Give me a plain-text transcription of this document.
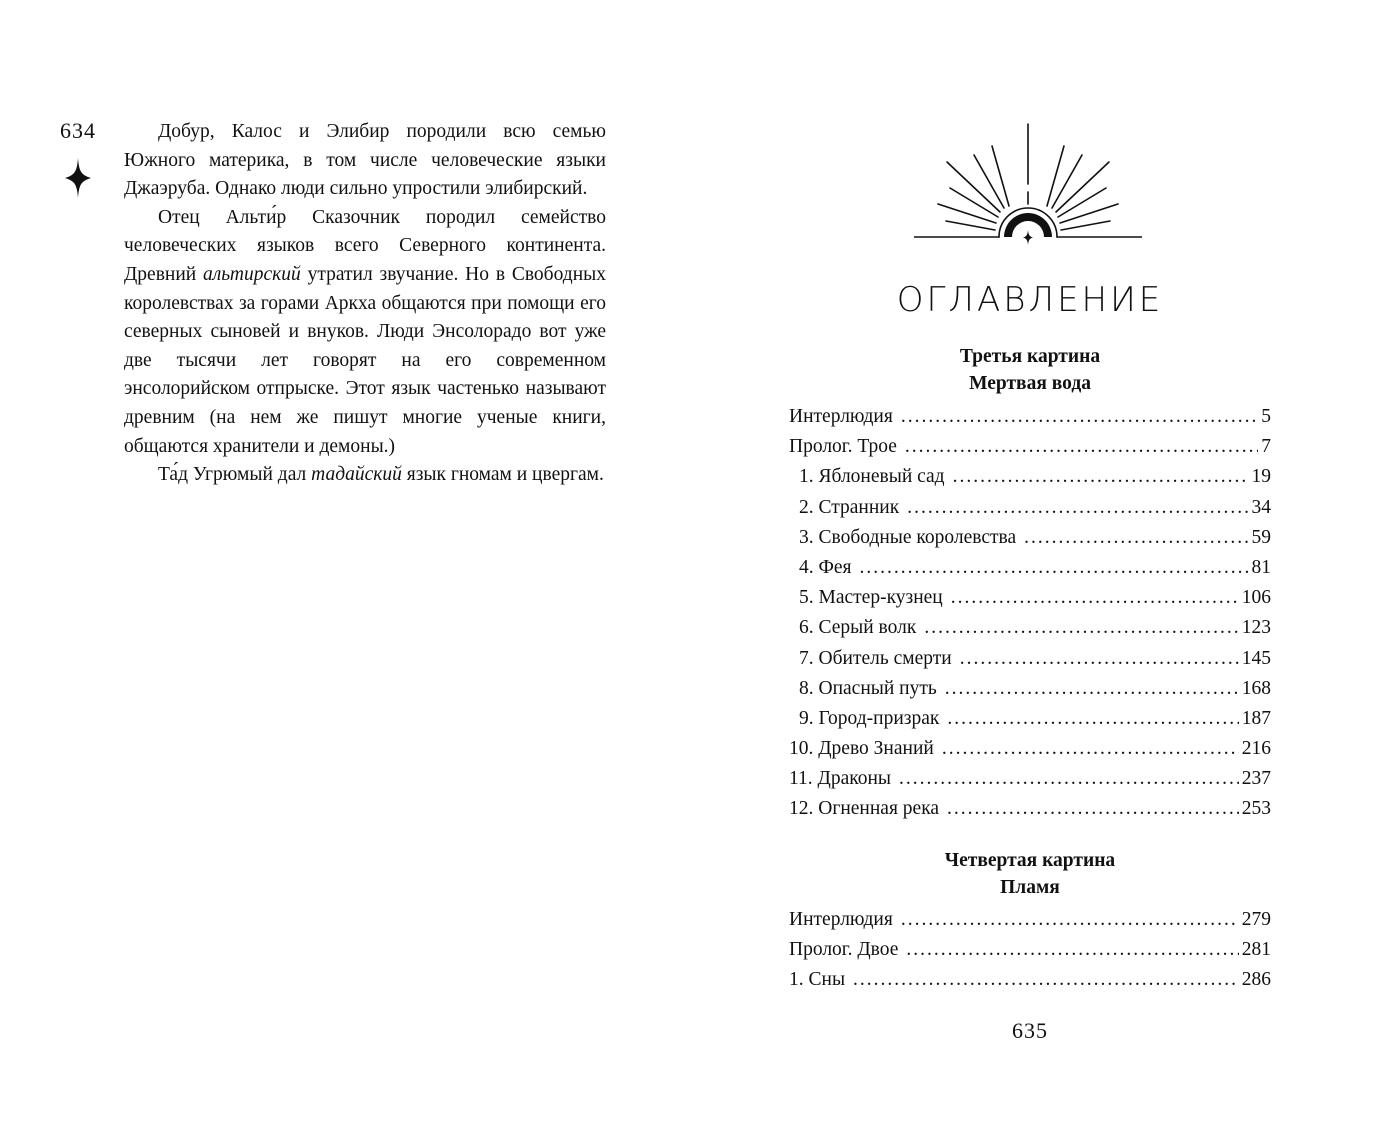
634	Добур, Калос и Элибир породили всю семью Южного материка, в том числе человеческие языки Джаэруба. Однако люди сильно упростили элибирский.

Отец Альти́р Сказочник породил семейство человеческих языков всего Северного континента. Древний альтирский утратил звучание. Но в Свободных королевствах за горами Аркха общаются при помощи его северных сыновей и внуков. Люди Энсолорадо вот уже две тысячи лет говорят на его современном энсолорийском отпрыске. Этот язык частенько называют древним (на нем же пишут многие ученые книги, общаются хранители и демоны.)

Та́д Угрюмый дал тадайский язык гномам и цвергам.

ОГЛАВЛЕНИЕ
Третья картина
Мертвая вода
Интерлюдия .....	5
Пролог. Трое .....	7
1. Яблоневый сад .....	19
2. Странник .....	34
3. Свободные королевства .....	59
4. Фея .....	81
5. Мастер-кузнец .....	106
6. Серый волк .....	123
7. Обитель смерти .....	145
8. Опасный путь .....	168
9. Город-призрак .....	187
10. Древо Знаний .....	216
11. Драконы .....	237
12. Огненная река .....	253
Четвертая картина
Пламя
Интерлюдия .....	279
Пролог. Двое .....	281
1. Сны .....	286
635
